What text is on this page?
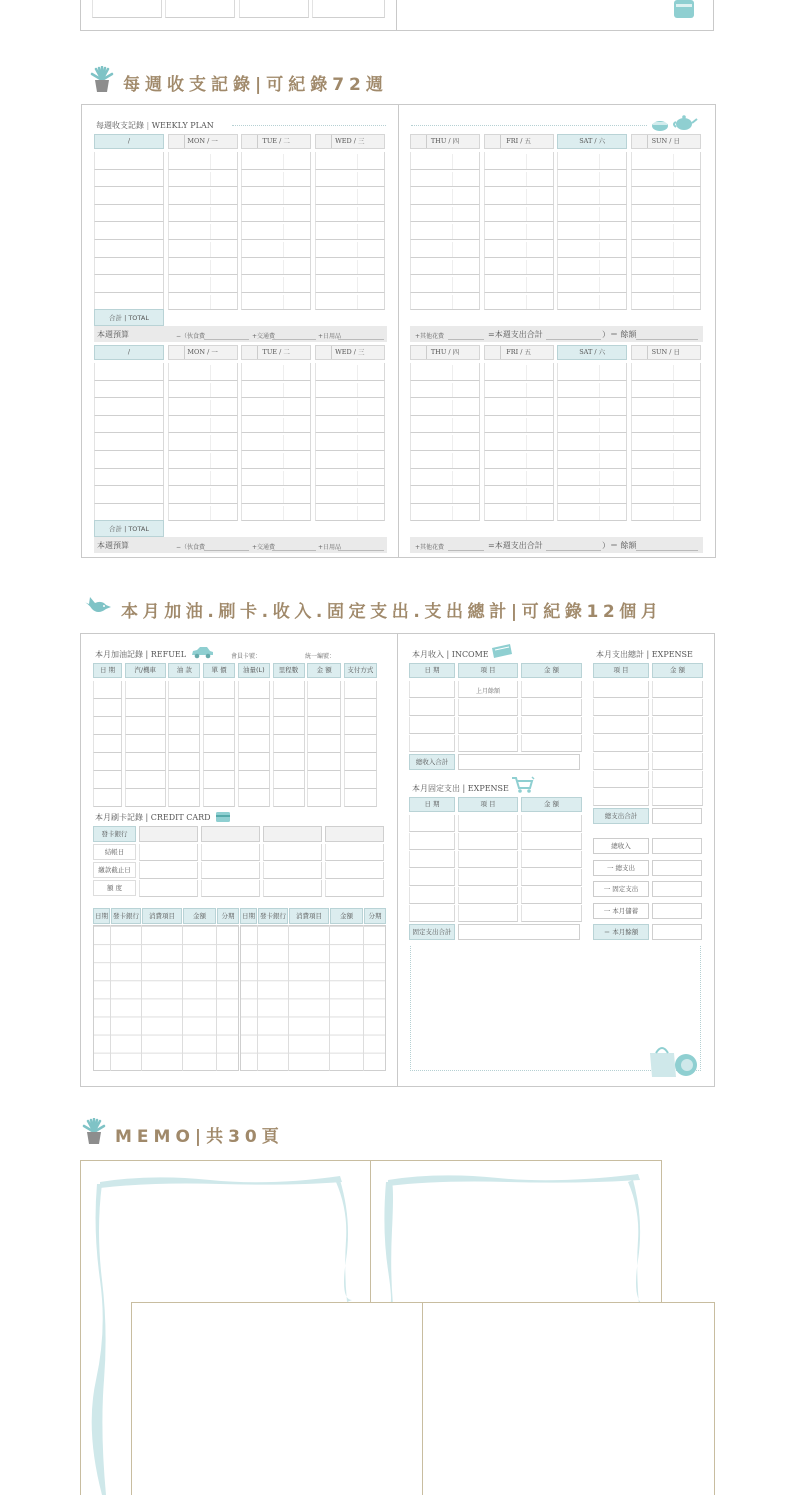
每週收支記錄|可紀錄72週
每週收支記錄 | WEEKLY PLAN
/	MON / 一	TUE / 二	WED / 三
合計 | TOTAL
本週預算	−（伙食費	+交通費	+日用品
THU / 四	FRI / 五	SAT / 六	SUN / 日
+其他花費	=本週支出合計	）＝ 餘額
/	MON / 一	TUE / 二	WED / 三
合計 | TOTAL
本週預算	−（伙食費	+交通費	+日用品
THU / 四	FRI / 五	SAT / 六	SUN / 日
+其他花費	=本週支出合計	）＝ 餘額
本月加油.刷卡.收入.固定支出.支出總計|可紀錄12個月
本月加油記錄 | REFUEL	會員卡號：	統一編號：
日 期	汽/機車	油 款	單 價	油量(L)	里程數	金 額	支付方式
本月刷卡記錄 | CREDIT CARD
發卡銀行
結帳日
繳款截止日
額 度
日期 發卡銀行	消費項目	金額	分期	日期 發卡銀行	消費項目	金額	分期
本月收入 | INCOME
日 期	項 目	金 額
上月餘額
總收入合計
本月固定支出 | EXPENSE
日 期	項 目	金 額
固定支出合計
本月支出總計 | EXPENSE
項 目	金 額
總支出合計
總收入
一 總支出
一 固定支出
一 本月儲蓄
＝ 本月餘額
MEMO|共30頁
